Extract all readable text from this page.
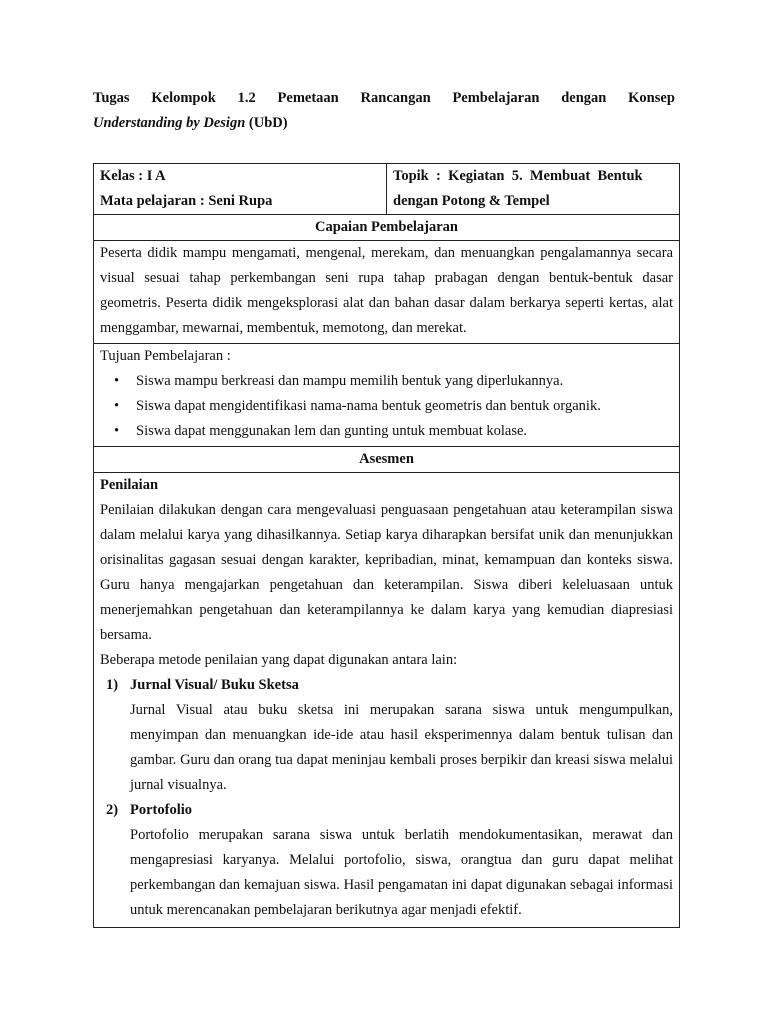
Tugas Kelompok 1.2 Pemetaan Rancangan Pembelajaran dengan Konsep
Understanding by Design (UbD)
Kelas : I A
Mata pelajaran : Seni Rupa

Topik  :  Kegiatan  5.  Membuat  Bentuk
dengan Potong & Tempel

Capaian Pembelajaran
Peserta didik mampu mengamati, mengenal, merekam, dan menuangkan pengalamannya secara visual sesuai tahap perkembangan seni rupa tahap prabagan dengan bentuk-bentuk dasar geometris. Peserta didik mengeksplorasi alat dan bahan dasar dalam berkarya seperti kertas, alat menggambar, mewarnai, membentuk, memotong, dan merekat.

Tujuan Pembelajaran :
• Siswa mampu berkreasi dan mampu memilih bentuk yang diperlukannya.
• Siswa dapat mengidentifikasi nama-nama bentuk geometris dan bentuk organik.
• Siswa dapat menggunakan lem dan gunting untuk membuat kolase.

Asesmen

Penilaian
Penilaian dilakukan dengan cara mengevaluasi penguasaan pengetahuan atau keterampilan siswa dalam melalui karya yang dihasilkannya. Setiap karya diharapkan bersifat unik dan menunjukkan orisinalitas gagasan sesuai dengan karakter, kepribadian, minat, kemampuan dan konteks siswa. Guru hanya mengajarkan pengetahuan dan keterampilan. Siswa diberi keleluasaan untuk menerjemahkan pengetahuan dan keterampilannya ke dalam karya yang kemudian diapresiasi bersama.
Beberapa metode penilaian yang dapat digunakan antara lain:
1) Jurnal Visual/ Buku Sketsa
Jurnal Visual atau buku sketsa ini merupakan sarana siswa untuk mengumpulkan, menyimpan dan menuangkan ide-ide atau hasil eksperimennya dalam bentuk tulisan dan gambar. Guru dan orang tua dapat meninjau kembali proses berpikir dan kreasi siswa melalui jurnal visualnya.
2) Portofolio
Portofolio merupakan sarana siswa untuk berlatih mendokumentasikan, merawat dan mengapresiasi karyanya. Melalui portofolio, siswa, orangtua dan guru dapat melihat perkembangan dan kemajuan siswa. Hasil pengamatan ini dapat digunakan sebagai informasi untuk merencanakan pembelajaran berikutnya agar menjadi efektif.
